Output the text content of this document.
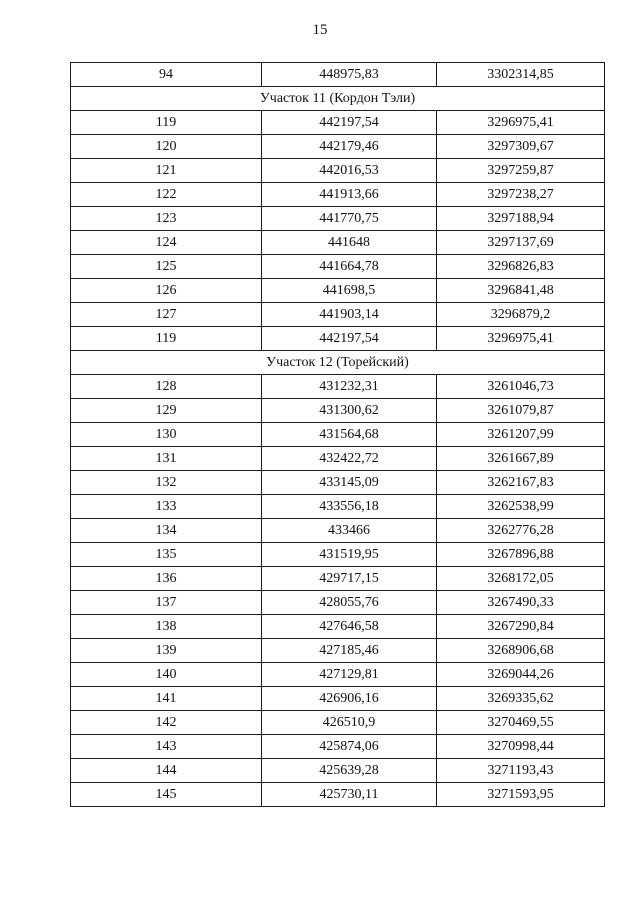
15
94	448975,83	3302314,85
Участок 11 (Кордон Тэли)		
119	442197,54	3296975,41
120	442179,46	3297309,67
121	442016,53	3297259,87
122	441913,66	3297238,27
123	441770,75	3297188,94
124	441648	3297137,69
125	441664,78	3296826,83
126	441698,5	3296841,48
127	441903,14	3296879,2
119	442197,54	3296975,41
Участок 12 (Торейский)		
128	431232,31	3261046,73
129	431300,62	3261079,87
130	431564,68	3261207,99
131	432422,72	3261667,89
132	433145,09	3262167,83
133	433556,18	3262538,99
134	433466	3262776,28
135	431519,95	3267896,88
136	429717,15	3268172,05
137	428055,76	3267490,33
138	427646,58	3267290,84
139	427185,46	3268906,68
140	427129,81	3269044,26
141	426906,16	3269335,62
142	426510,9	3270469,55
143	425874,06	3270998,44
144	425639,28	3271193,43
145	425730,11	3271593,95
